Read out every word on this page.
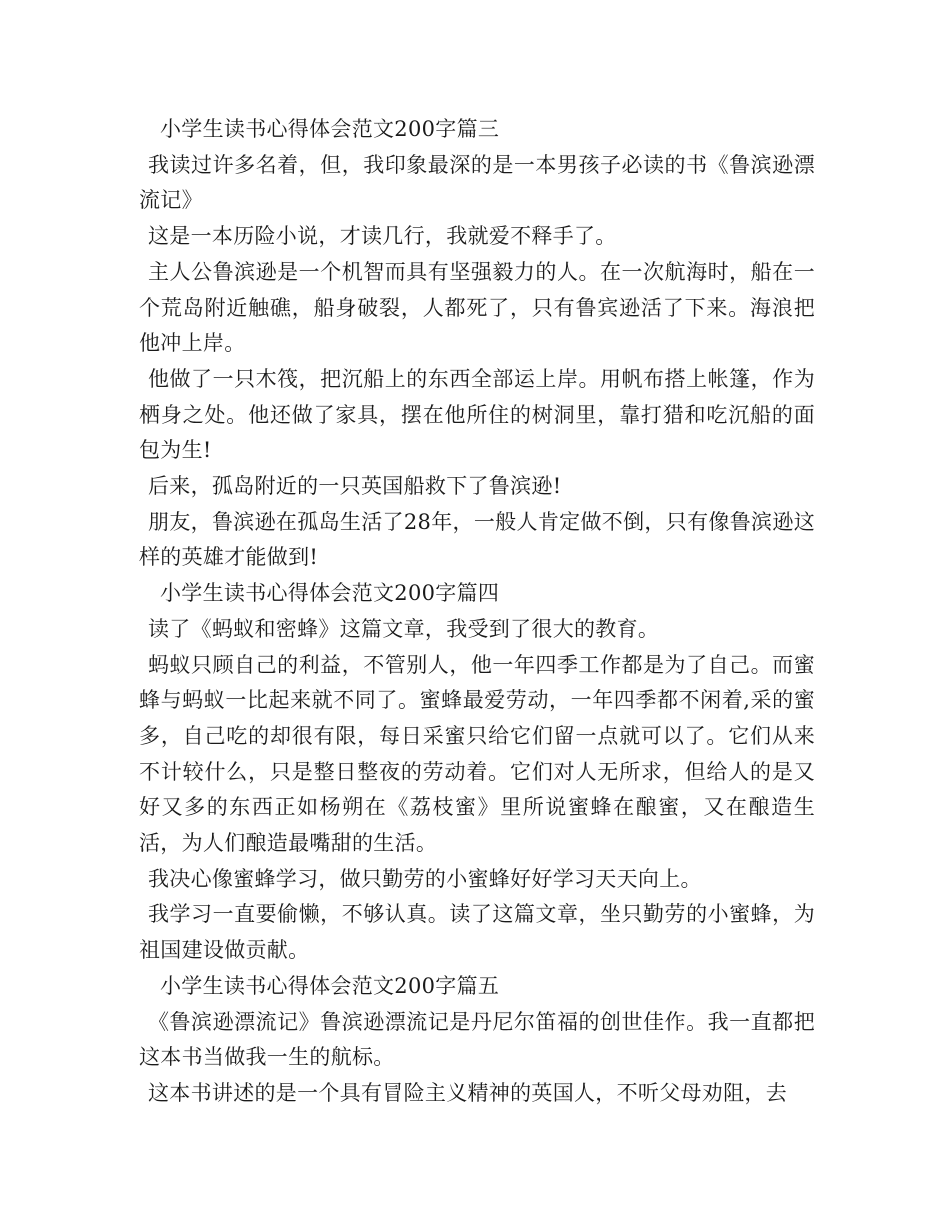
小学生读书心得体会范文200字篇三

我读过许多名着，但，我印象最深的是一本男孩子必读的书《鲁滨逊漂流记》

这是一本历险小说，才读几行，我就爱不释手了。

主人公鲁滨逊是一个机智而具有坚强毅力的人。在一次航海时，船在一个荒岛附近触礁，船身破裂，人都死了，只有鲁宾逊活了下来。海浪把他冲上岸。

他做了一只木筏，把沉船上的东西全部运上岸。用帆布搭上帐篷，作为栖身之处。他还做了家具，摆在他所住的树洞里，靠打猎和吃沉船的面包为生!

后来，孤岛附近的一只英国船救下了鲁滨逊!

朋友，鲁滨逊在孤岛生活了28年，一般人肯定做不倒，只有像鲁滨逊这样的英雄才能做到!

小学生读书心得体会范文200字篇四

读了《蚂蚁和密蜂》这篇文章，我受到了很大的教育。

蚂蚁只顾自己的利益，不管别人，他一年四季工作都是为了自己。而蜜蜂与蚂蚁一比起来就不同了。蜜蜂最爱劳动，一年四季都不闲着,采的蜜多，自己吃的却很有限，每日采蜜只给它们留一点就可以了。它们从来不计较什么，只是整日整夜的劳动着。它们对人无所求，但给人的是又好又多的东西正如杨朔在《荔枝蜜》里所说蜜蜂在酿蜜，又在酿造生活，为人们酿造最嘴甜的生活。

我决心像蜜蜂学习，做只勤劳的小蜜蜂好好学习天天向上。

我学习一直要偷懒，不够认真。读了这篇文章，坐只勤劳的小蜜蜂，为祖国建设做贡献。

小学生读书心得体会范文200字篇五

《鲁滨逊漂流记》鲁滨逊漂流记是丹尼尔笛福的创世佳作。我一直都把这本书当做我一生的航标。

这本书讲述的是一个具有冒险主义精神的英国人，不听父母劝阻，去
